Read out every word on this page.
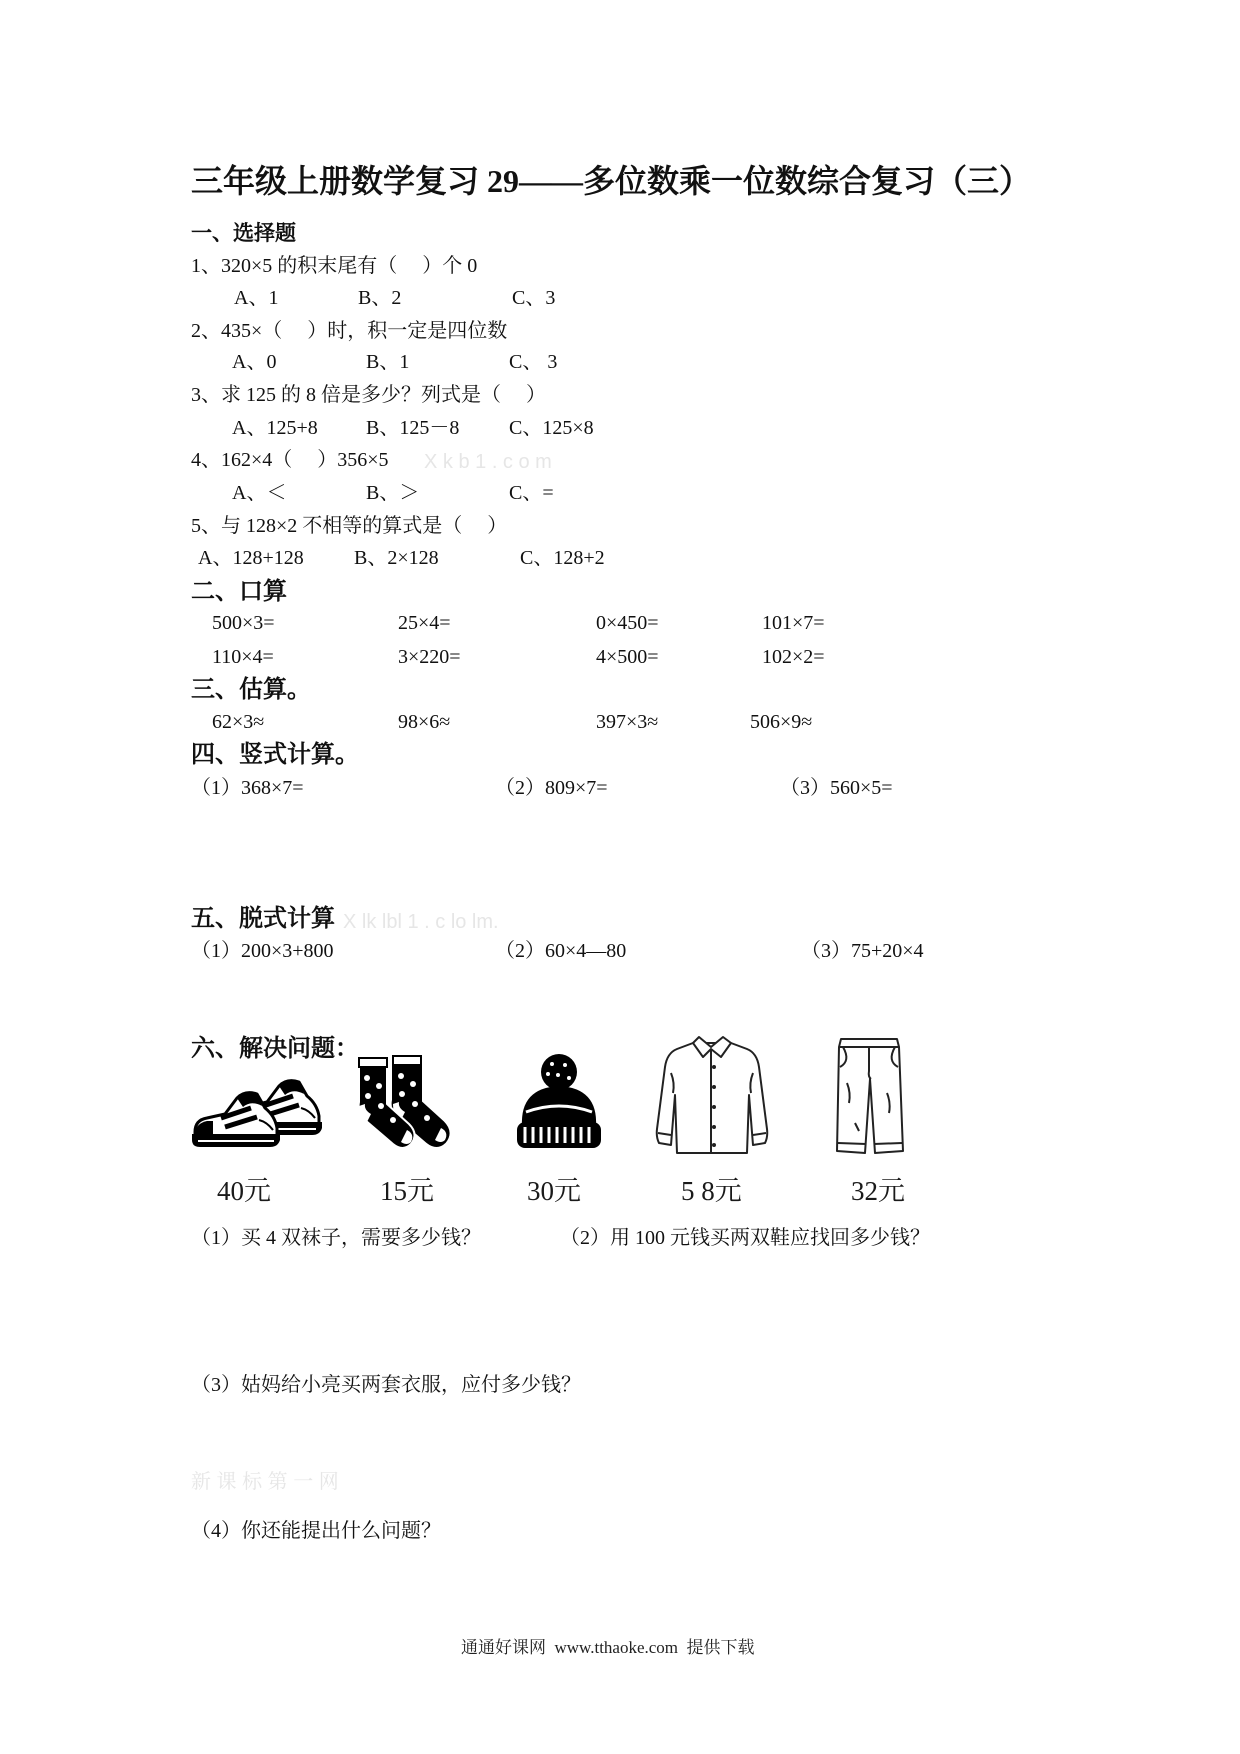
三年级上册数学复习 29——多位数乘一位数综合复习（三）
一、选择题
1、320×5 的积末尾有（     ）个 0
A、1	B、2	C、3
2、435×（     ）时，积一定是四位数
A、0	B、1	C、 3
3、求 125 的 8 倍是多少？列式是（     ）
A、125+8 B、125－8 C、125×8
4、162×4（     ）356×5 X k b 1 . c o m
A、＜	B、＞	C、=
5、与 128×2 不相等的算式是（     ）
A、128+128	B、2×128	C、128+2
二、口算
500×3=	25×4=	0×450=	101×7=
110×4=	3×220=	4×500=	102×2=
三、估算。
62×3≈	98×6≈	397×3≈	506×9≈
四、竖式计算。
（1）368×7=	（2）809×7=	（3）560×5=
五、脱式计算 X lk lbl 1 . c lo lm.
（1）200×3+800	（2）60×4—80	（3）75+20×4
六、解决问题：
40元	15元	30元	5 8元	32元
（1）买 4 双袜子，需要多少钱？	（2）用 100 元钱买两双鞋应找回多少钱？
（3）姑妈给小亮买两套衣服，应付多少钱？
新 课 标 第 一 网
（4）你还能提出什么问题？
通通好课网  www.tthaoke.com  提供下载
